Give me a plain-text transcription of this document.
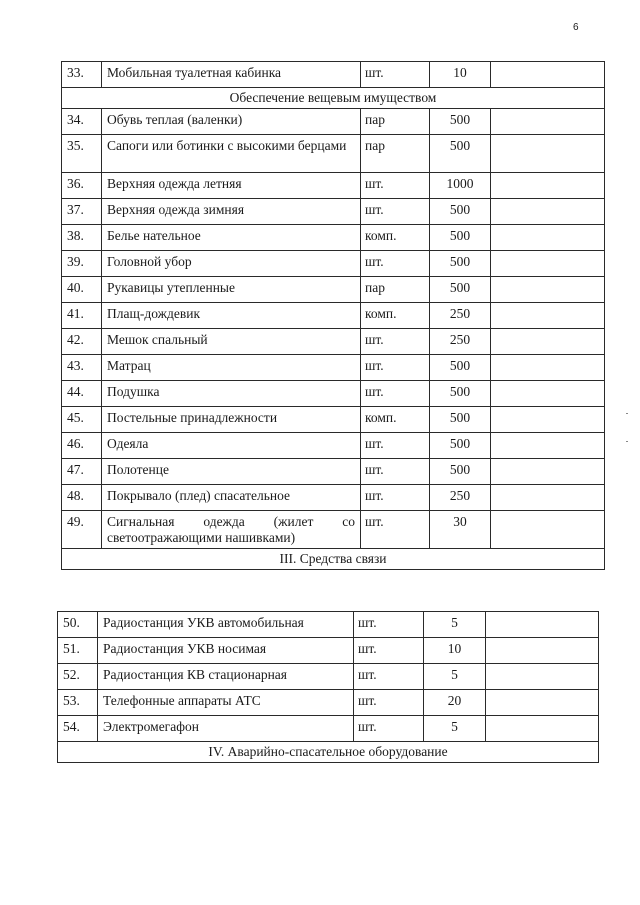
6
33.	Мобильная туалетная кабинка	шт.	10	
Обеспечение вещевым имуществом				
34.	Обувь теплая (валенки)	пар	500	
35.	Сапоги или ботинки с высокими берцами	пар	500	
36.	Верхняя одежда летняя	шт.	1000	
37.	Верхняя одежда зимняя	шт.	500	
38.	Белье нательное	комп.	500	
39.	Головной убор	шт.	500	
40.	Рукавицы утепленные	пар	500	
41.	Плащ-дождевик	комп.	250	
42.	Мешок спальный	шт.	250	
43.	Матрац	шт.	500	
44.	Подушка	шт.	500	
45.	Постельные принадлежности	комп.	500	
46.	Одеяла	шт.	500	
47.	Полотенце	шт.	500	
48.	Покрывало (плед) спасательное	шт.	250	
49.	Сигнальная одежда (жилет со светоотражающими нашивками)	шт.	30	
III. Средства связи				
50.	Радиостанция УКВ автомобильная	шт.	5	
51.	Радиостанция УКВ носимая	шт.	10	
52.	Радиостанция КВ стационарная	шт.	5	
53.	Телефонные аппараты АТС	шт.	20	
54.	Электромегафон	шт.	5	
IV. Аварийно-спасательное оборудование				
